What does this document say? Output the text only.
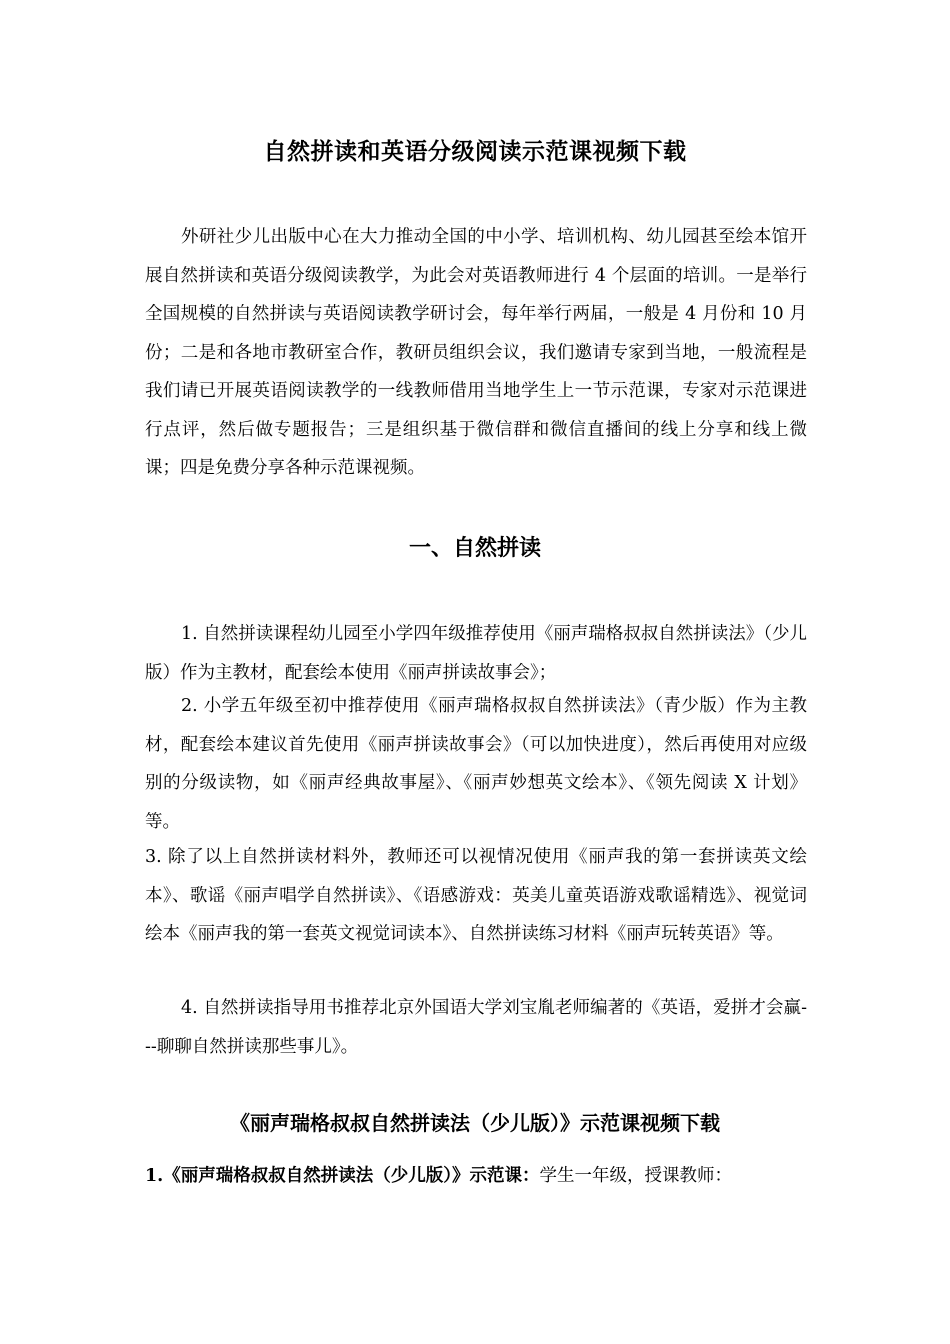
自然拼读和英语分级阅读示范课视频下载

外研社少儿出版中心在大力推动全国的中小学、培训机构、幼儿园甚至绘本馆开展自然拼读和英语分级阅读教学，为此会对英语教师进行 4 个层面的培训。一是举行全国规模的自然拼读与英语阅读教学研讨会，每年举行两届，一般是 4 月份和 10 月份；二是和各地市教研室合作，教研员组织会议，我们邀请专家到当地，一般流程是我们请已开展英语阅读教学的一线教师借用当地学生上一节示范课，专家对示范课进行点评，然后做专题报告；三是组织基于微信群和微信直播间的线上分享和线上微课；四是免费分享各种示范课视频。

一、自然拼读

1. 自然拼读课程幼儿园至小学四年级推荐使用《丽声瑞格叔叔自然拼读法》（少儿版）作为主教材，配套绘本使用《丽声拼读故事会》；

2. 小学五年级至初中推荐使用《丽声瑞格叔叔自然拼读法》（青少版）作为主教材，配套绘本建议首先使用《丽声拼读故事会》（可以加快进度），然后再使用对应级别的分级读物，如《丽声经典故事屋》、《丽声妙想英文绘本》、《领先阅读 X 计划》等。

3. 除了以上自然拼读材料外，教师还可以视情况使用《丽声我的第一套拼读英文绘本》、歌谣《丽声唱学自然拼读》、《语感游戏：英美儿童英语游戏歌谣精选》、视觉词绘本《丽声我的第一套英文视觉词读本》、自然拼读练习材料《丽声玩转英语》等。

4. 自然拼读指导用书推荐北京外国语大学刘宝胤老师编著的《英语，爱拼才会赢---聊聊自然拼读那些事儿》。

《丽声瑞格叔叔自然拼读法（少儿版）》示范课视频下载

1.《丽声瑞格叔叔自然拼读法（少儿版）》示范课：学生一年级，授课教师：
